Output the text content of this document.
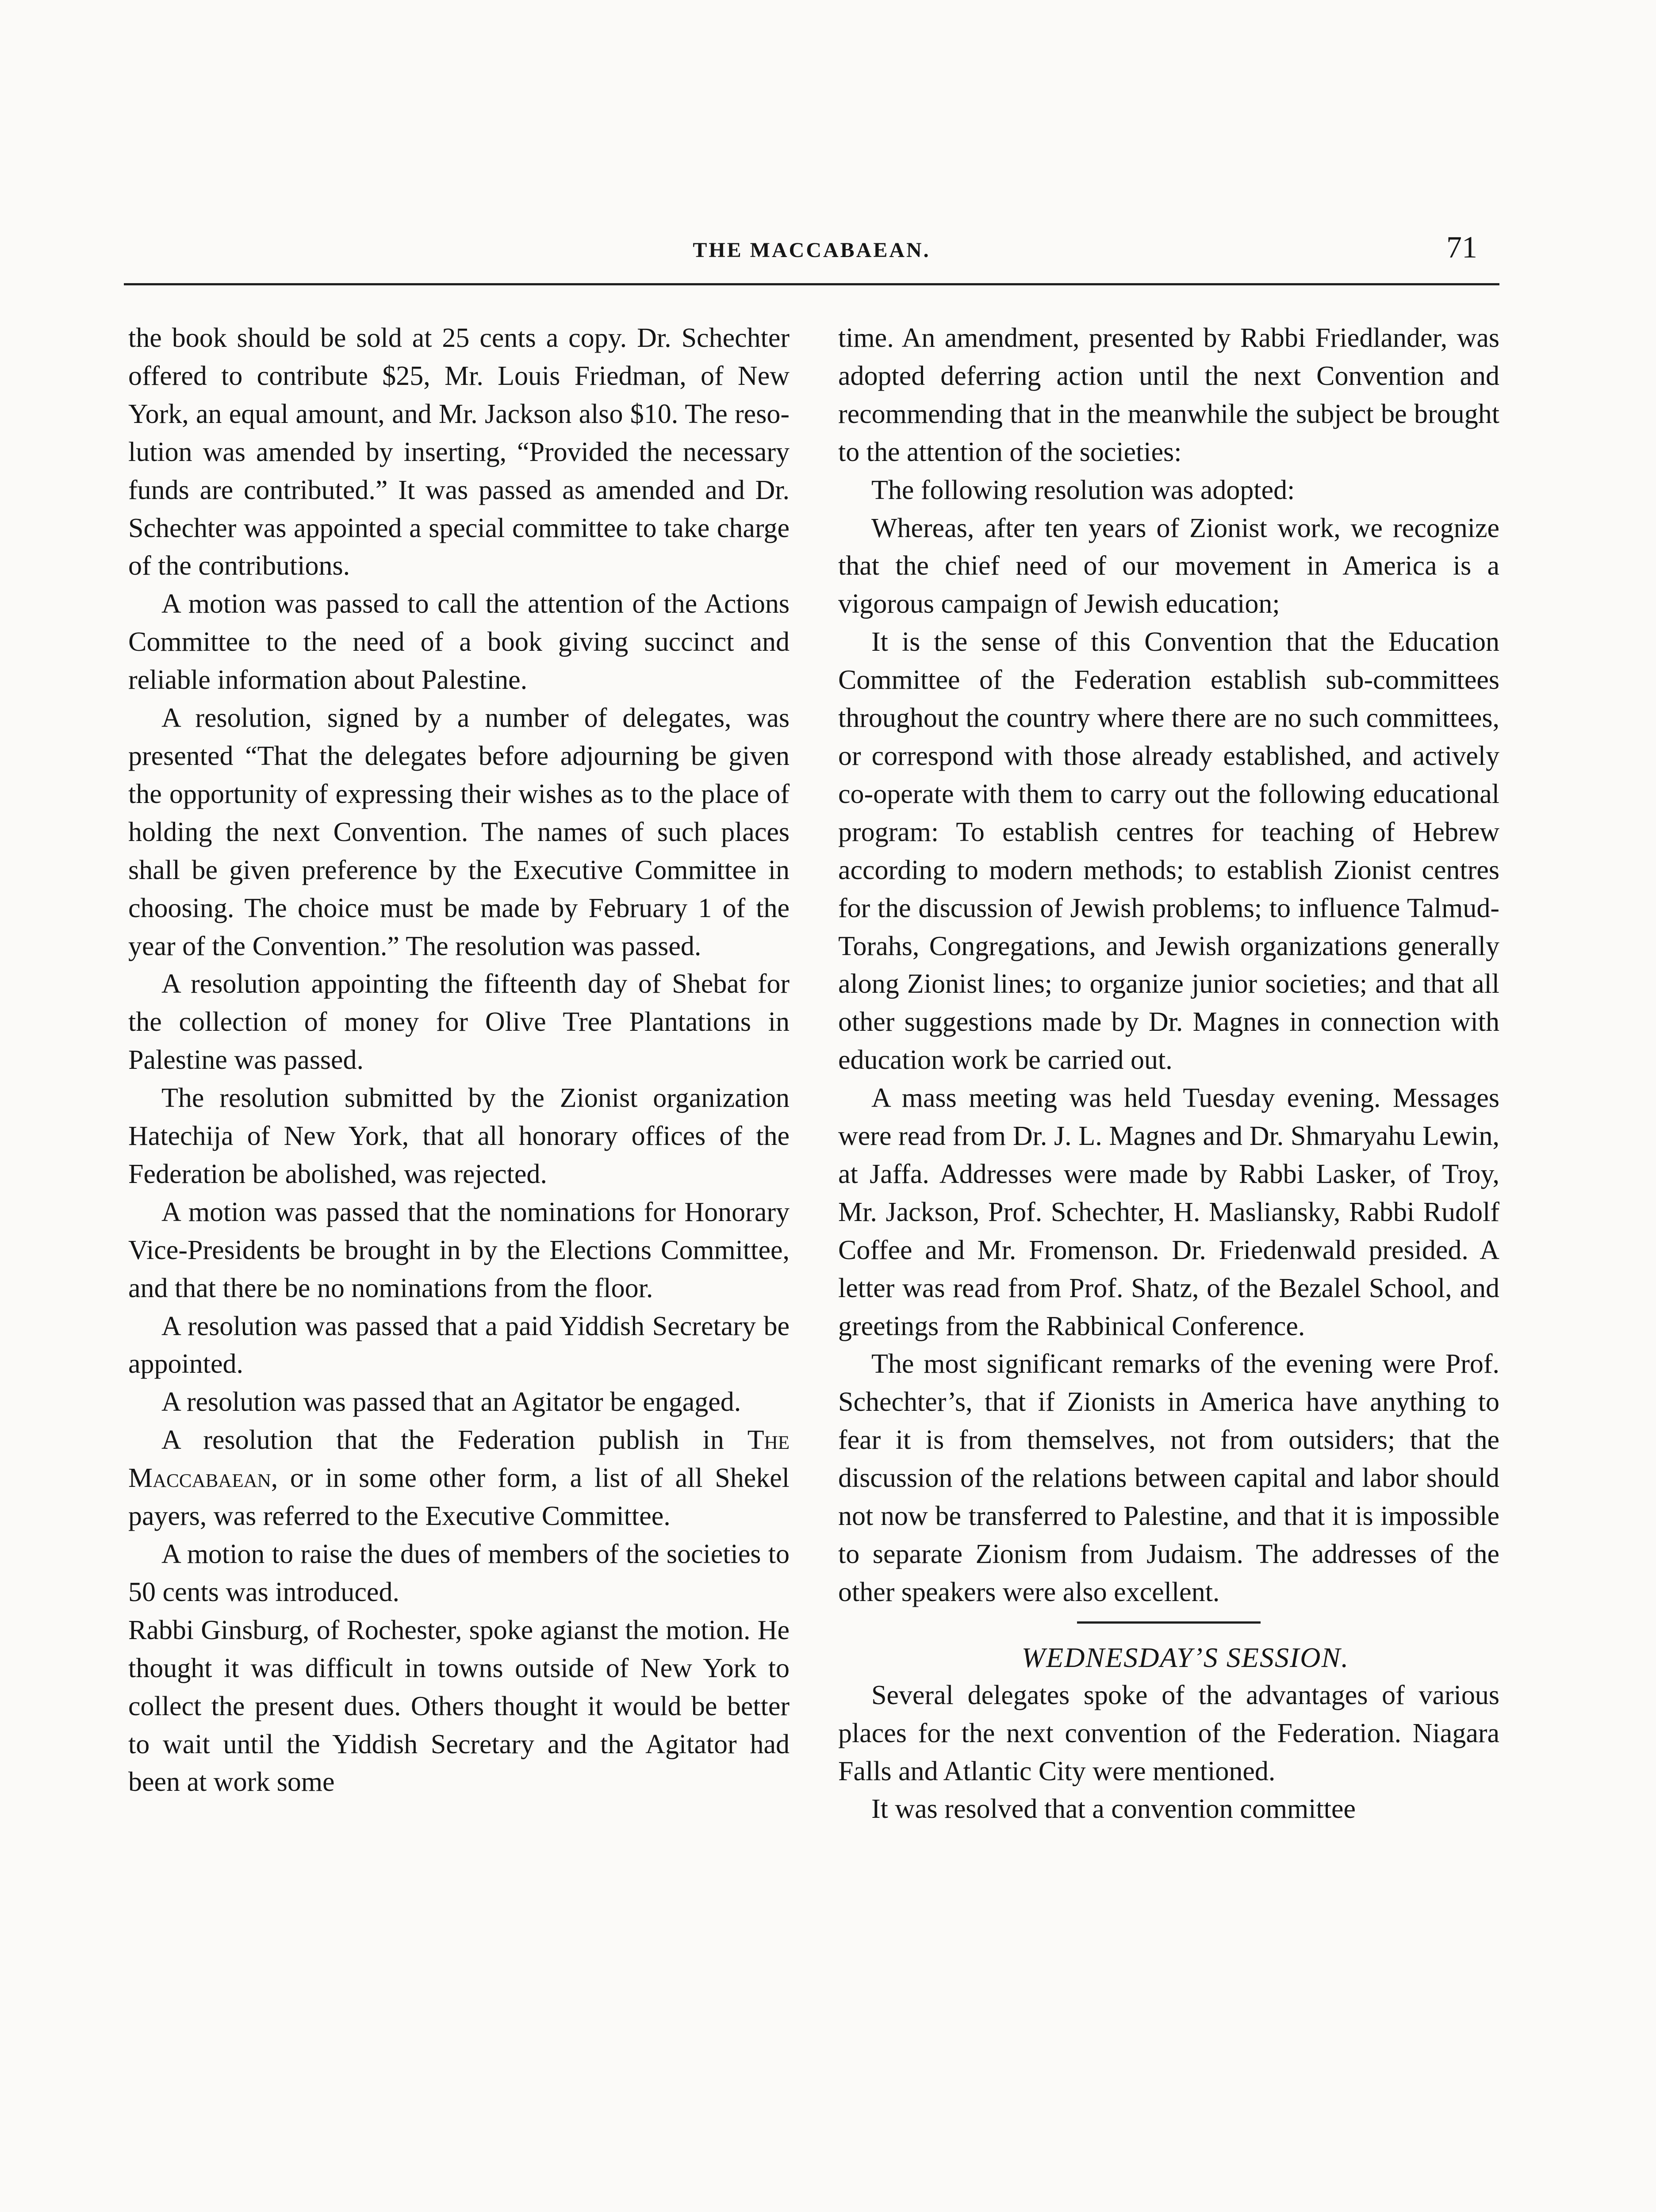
THE MACCABAEAN.	71

the book should be sold at 25 cents a copy. Dr. Schechter offered to contribute $25, Mr. Louis Friedman, of New York, an equal amount, and Mr. Jackson also $10. The resolution was amended by inserting, “Provided the necessary funds are contributed.” It was passed as amended and Dr. Schechter was appointed a special committee to take charge of the contributions.

A motion was passed to call the attention of the Actions Committee to the need of a book giving succinct and reliable information about Palestine.

A resolution, signed by a number of delegates, was presented “That the delegates before adjourning be given the opportunity of expressing their wishes as to the place of holding the next Convention. The names of such places shall be given preference by the Executive Committee in choosing. The choice must be made by February 1 of the year of the Convention.” The resolution was passed.

A resolution appointing the fifteenth day of Shebat for the collection of money for Olive Tree Plantations in Palestine was passed.

The resolution submitted by the Zionist organization Hatechija of New York, that all honorary offices of the Federation be abolished, was rejected.

A motion was passed that the nominations for Honorary Vice-Presidents be brought in by the Elections Committee, and that there be no nominations from the floor.

A resolution was passed that a paid Yiddish Secretary be appointed.

A resolution was passed that an Agitator be engaged.

A resolution that the Federation publish in The Maccabaean, or in some other form, a list of all Shekel payers, was referred to the Executive Committee.

A motion to raise the dues of members of the societies to 50 cents was introduced.

Rabbi Ginsburg, of Rochester, spoke agianst the motion. He thought it was difficult in towns outside of New York to collect the present dues. Others thought it would be better to wait until the Yiddish Secretary and the Agitator had been at work some

time. An amendment, presented by Rabbi Friedlander, was adopted deferring action until the next Convention and recommending that in the meanwhile the subject be brought to the attention of the societies:

The following resolution was adopted:

Whereas, after ten years of Zionist work, we recognize that the chief need of our movement in America is a vigorous campaign of Jewish education;

It is the sense of this Convention that the Education Committee of the Federation establish sub-committees throughout the country where there are no such committees, or correspond with those already established, and actively co-operate with them to carry out the following educational program: To establish centres for teaching of Hebrew according to modern methods; to establish Zionist centres for the discussion of Jewish problems; to influence Talmud-Torahs, Congregations, and Jewish organizations generally along Zionist lines; to organize junior societies; and that all other suggestions made by Dr. Magnes in connection with education work be carried out.

A mass meeting was held Tuesday evening. Messages were read from Dr. J. L. Magnes and Dr. Shmaryahu Lewin, at Jaffa. Addresses were made by Rabbi Lasker, of Troy, Mr. Jackson, Prof. Schechter, H. Masliansky, Rabbi Rudolf Coffee and Mr. Fromenson. Dr. Friedenwald presided. A letter was read from Prof. Shatz, of the Bezalel School, and greetings from the Rabbinical Conference.

The most significant remarks of the evening were Prof. Schechter’s, that if Zionists in America have anything to fear it is from themselves, not from outsiders; that the discussion of the relations between capital and labor should not now be transferred to Palestine, and that it is impossible to separate Zionism from Judaism. The addresses of the other speakers were also excellent.

WEDNESDAY’S SESSION.

Several delegates spoke of the advantages of various places for the next convention of the Federation. Niagara Falls and Atlantic City were mentioned.

It was resolved that a convention committee
